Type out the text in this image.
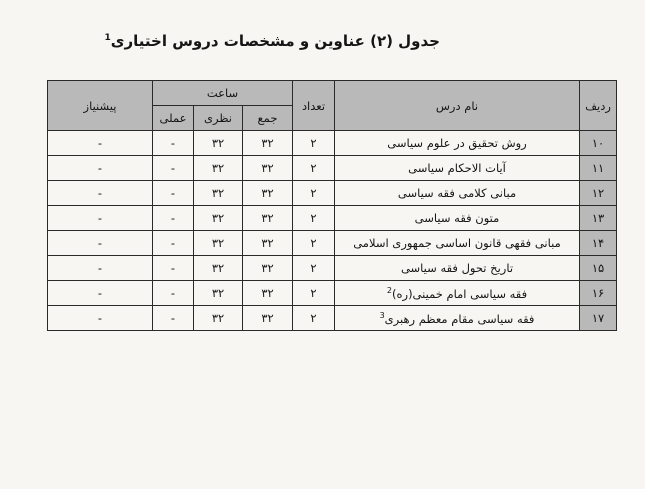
جدول (۲) عناوین و مشخصات دروس اختیاری$^1$
ردیف	نام درس	تعداد	ساعت			پیشنیاز
			جمع	نظری	عملی	
۱۰	روش تحقیق در علوم سیاسی	۲	۳۲	۳۲	-	-
۱۱	آیات الاحکام سیاسی	۲	۳۲	۳۲	-	-
۱۲	مبانی کلامی فقه سیاسی	۲	۳۲	۳۲	-	-
۱۳	متون فقه سیاسی	۲	۳۲	۳۲	-	-
۱۴	مبانی فقهی قانون اساسی جمهوری اسلامی	۲	۳۲	۳۲	-	-
۱۵	تاریخ تحول فقه سیاسی	۲	۳۲	۳۲	-	-
۱۶	فقه سیاسی امام خمینی(ره)$^2$	۲	۳۲	۳۲	-	-
۱۷	فقه سیاسی مقام معظم رهبری$^3$	۲	۳۲	۳۲	-	-
